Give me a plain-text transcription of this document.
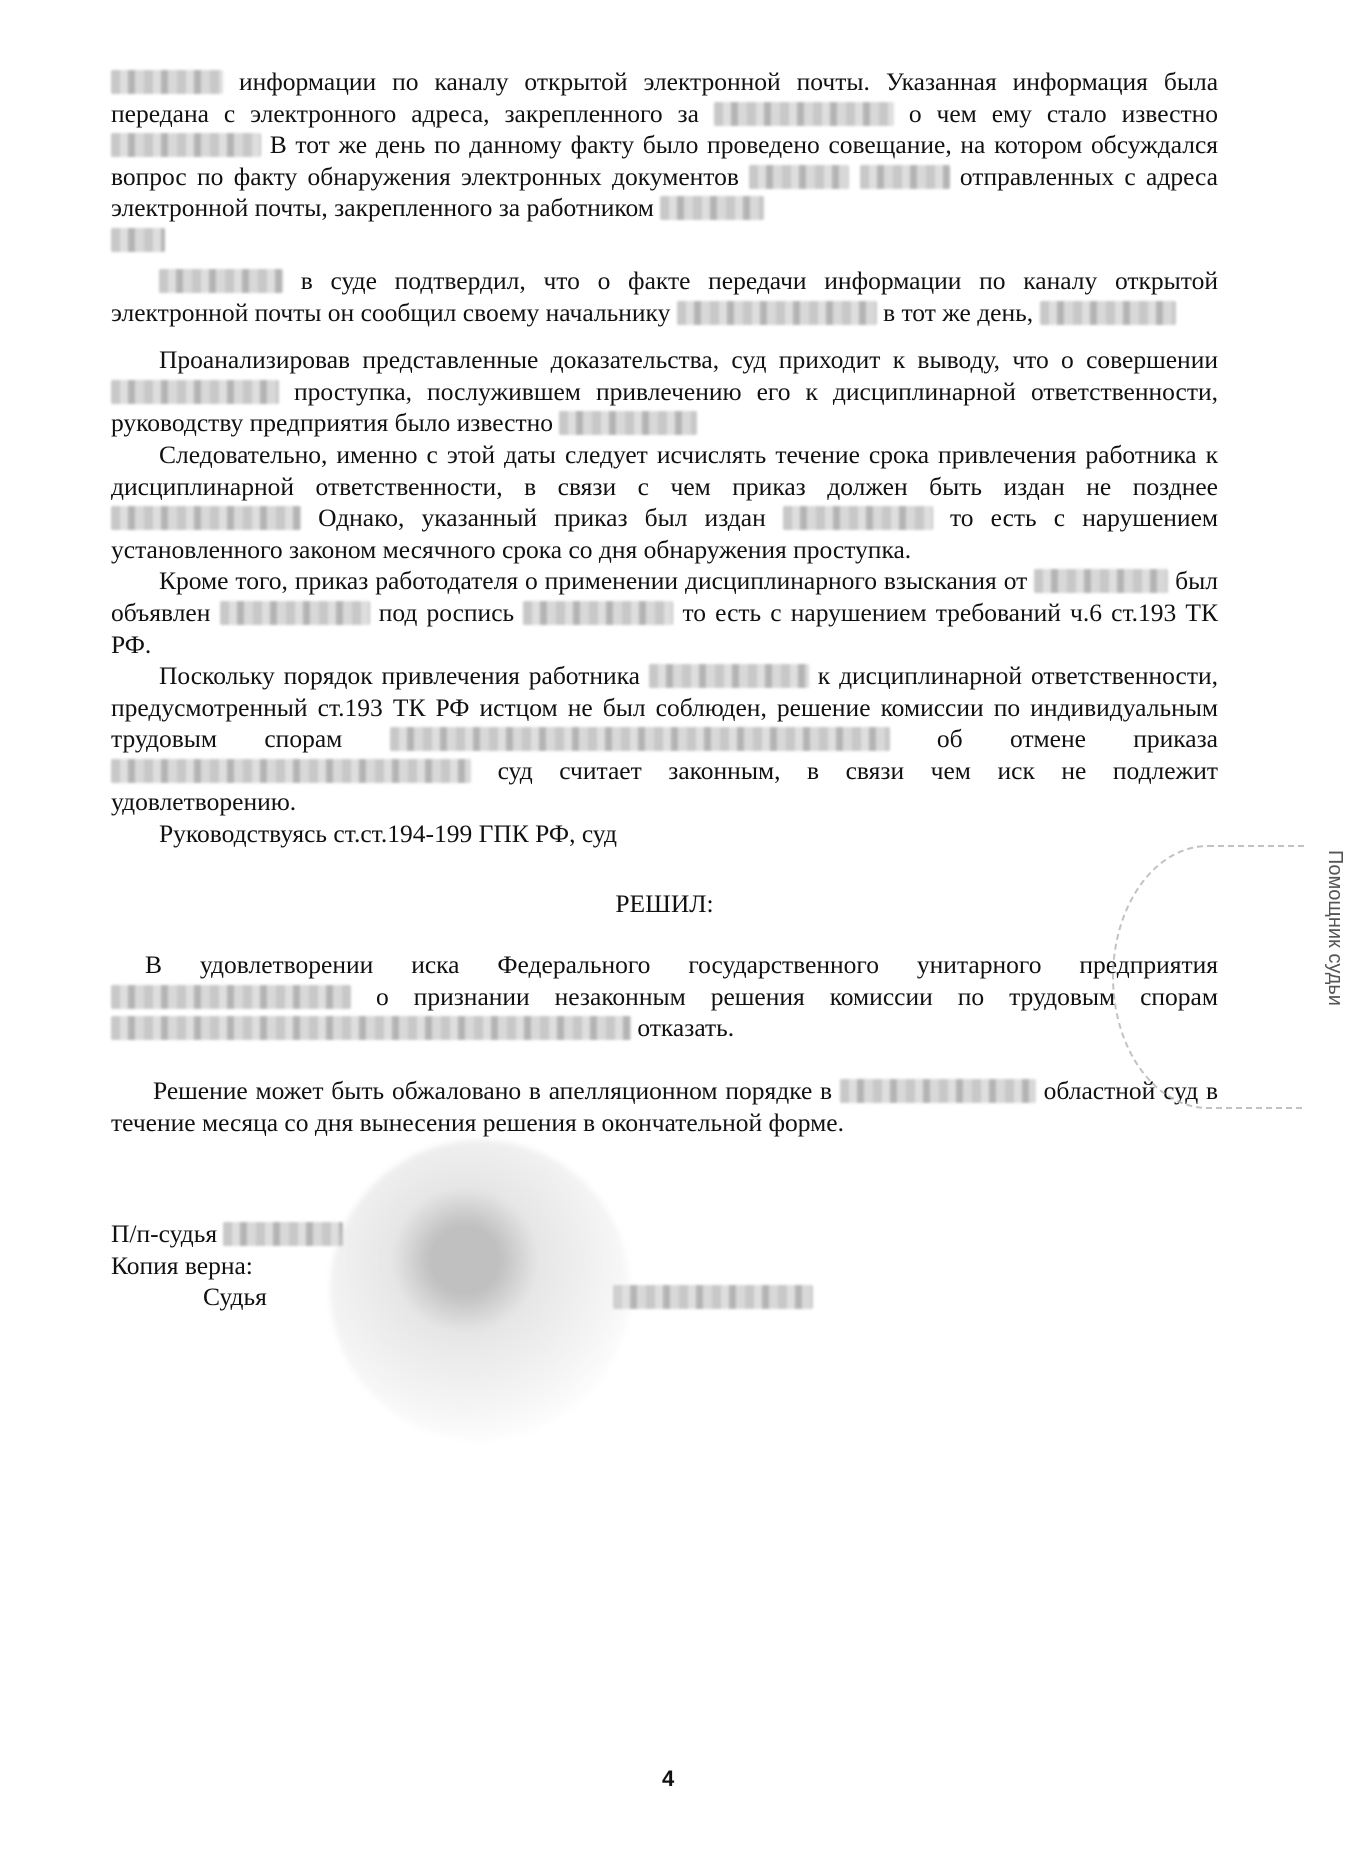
информации по каналу открытой электронной почты. Указанная информация была передана с электронного адреса, закрепленного за	о чем ему стало известно  В тот же день по данному факту было проведено совещание, на котором обсуждался вопрос по факту обнаружения электронных документов	отправленных с адреса электронной почты, закрепленного за работником

в суде подтвердил, что о факте передачи информации по каналу открытой электронной почты он сообщил своему начальнику	в тот же день,

Проанализировав представленные доказательства, суд приходит к выводу, что о совершении  проступка, послужившем привлечению его к дисциплинарной ответственности, руководству предприятия было известно

Следовательно, именно с этой даты следует исчислять течение срока привлечения работника к дисциплинарной ответственности, в связи с чем приказ должен быть издан не позднее  Однако, указанный приказ был издан	то есть с нарушением установленного законом месячного срока со дня обнаружения проступка.

Кроме того, приказ работодателя о применении дисциплинарного взыскания от	был объявлен	под роспись	то есть с нарушением требований ч.6 ст.193 ТК РФ.

Поскольку порядок привлечения работника	к дисциплинарной ответственности, предусмотренный ст.193 ТК РФ истцом не был соблюден, решение комиссии по индивидуальным трудовым спорам	об отмене приказа  суд считает законным, в связи чем иск не подлежит удовлетворению.

Руководствуясь ст.ст.194-199 ГПК РФ, суд

РЕШИЛ:

В удовлетворении иска Федерального государственного унитарного предприятия  о признании незаконным решения комиссии по трудовым спорам  отказать.

Решение может быть обжаловано в апелляционном порядке в	областной суд в течение месяца со дня вынесения решения в окончательной форме.

П/п-судья
Копия верна:
Судья
Помощник судьи
4
